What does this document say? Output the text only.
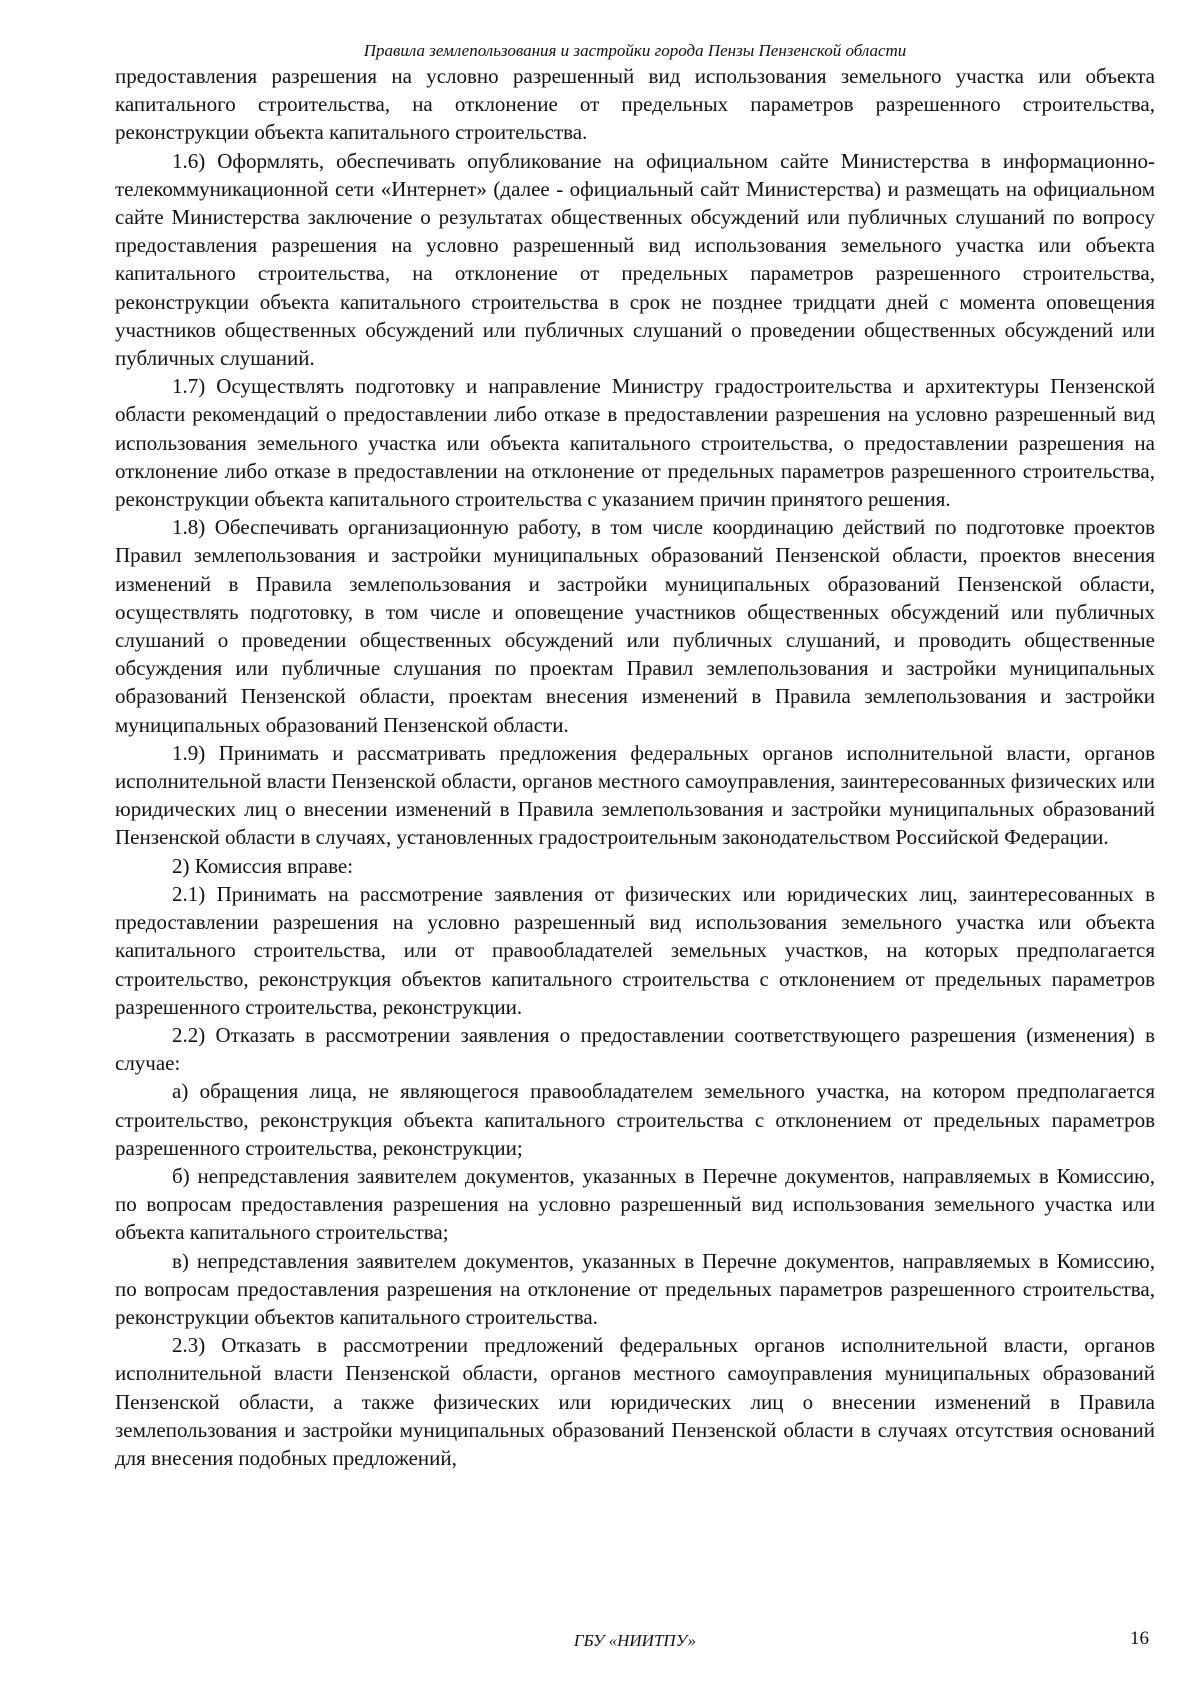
Правила землепользования и застройки города Пензы Пензенской области

предоставления разрешения на условно разрешенный вид использования земельного участка или объекта капитального строительства, на отклонение от предельных параметров разрешенного строительства, реконструкции объекта капитального строительства.

1.6) Оформлять, обеспечивать опубликование на официальном сайте Министерства в информационно-телекоммуникационной сети «Интернет» (далее - официальный сайт Министерства) и размещать на официальном сайте Министерства заключение о результатах общественных обсуждений или публичных слушаний по вопросу предоставления разрешения на условно разрешенный вид использования земельного участка или объекта капитального строительства, на отклонение от предельных параметров разрешенного строительства, реконструкции объекта капитального строительства в срок не позднее тридцати дней с момента оповещения участников общественных обсуждений или публичных слушаний о проведении общественных обсуждений или публичных слушаний.

1.7) Осуществлять подготовку и направление Министру градостроительства и архитектуры Пензенской области рекомендаций о предоставлении либо отказе в предоставлении разрешения на условно разрешенный вид использования земельного участка или объекта капитального строительства, о предоставлении разрешения на отклонение либо отказе в предоставлении на отклонение от предельных параметров разрешенного строительства, реконструкции объекта капитального строительства с указанием причин принятого решения.

1.8) Обеспечивать организационную работу, в том числе координацию действий по подготовке проектов Правил землепользования и застройки муниципальных образований Пензенской области, проектов внесения изменений в Правила землепользования и застройки муниципальных образований Пензенской области, осуществлять подготовку, в том числе и оповещение участников общественных обсуждений или публичных слушаний о проведении общественных обсуждений или публичных слушаний, и проводить общественные обсуждения или публичные слушания по проектам Правил землепользования и застройки муниципальных образований Пензенской области, проектам внесения изменений в Правила землепользования и застройки муниципальных образований Пензенской области.

1.9) Принимать и рассматривать предложения федеральных органов исполнительной власти, органов исполнительной власти Пензенской области, органов местного самоуправления, заинтересованных физических или юридических лиц о внесении изменений в Правила землепользования и застройки муниципальных образований Пензенской области в случаях, установленных градостроительным законодательством Российской Федерации.

2) Комиссия вправе:

2.1) Принимать на рассмотрение заявления от физических или юридических лиц, заинтересованных в предоставлении разрешения на условно разрешенный вид использования земельного участка или объекта капитального строительства, или от правообладателей земельных участков, на которых предполагается строительство, реконструкция объектов капитального строительства с отклонением от предельных параметров разрешенного строительства, реконструкции.

2.2) Отказать в рассмотрении заявления о предоставлении соответствующего разрешения (изменения) в случае:

а) обращения лица, не являющегося правообладателем земельного участка, на котором предполагается строительство, реконструкция объекта капитального строительства с отклонением от предельных параметров разрешенного строительства, реконструкции;

б) непредставления заявителем документов, указанных в Перечне документов, направляемых в Комиссию, по вопросам предоставления разрешения на условно разрешенный вид использования земельного участка или объекта капитального строительства;

в) непредставления заявителем документов, указанных в Перечне документов, направляемых в Комиссию, по вопросам предоставления разрешения на отклонение от предельных параметров разрешенного строительства, реконструкции объектов капитального строительства.

2.3) Отказать в рассмотрении предложений федеральных органов исполнительной власти, органов исполнительной власти Пензенской области, органов местного самоуправления муниципальных образований Пензенской области, а также физических или юридических лиц о внесении изменений в Правила землепользования и застройки муниципальных образований Пензенской области в случаях отсутствия оснований для внесения подобных предложений,

ГБУ «НИИТПУ»	16
